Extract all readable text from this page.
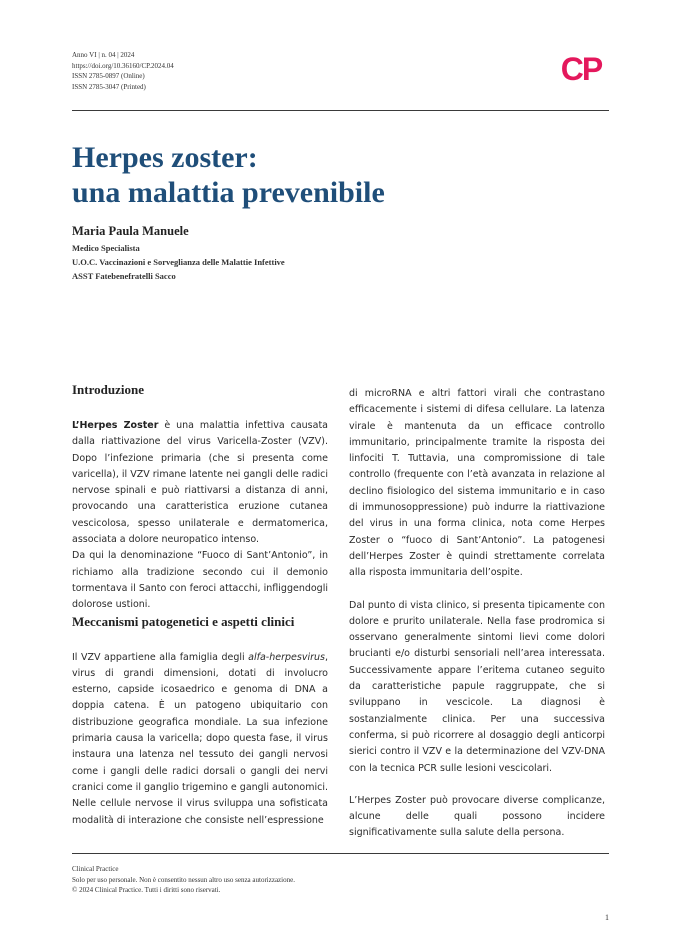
Anno VI | n. 04 | 2024
https://doi.org/10.36160/CP.2024.04
ISSN 2785-0897 (Online)
ISSN 2785-3047 (Printed)	CP
Herpes zoster:
una malattia prevenibile
Maria Paula Manuele
Medico Specialista
U.O.C. Vaccinazioni e Sorveglianza delle Malattie Infettive
ASST Fatebenefratelli Sacco
Introduzione

L’Herpes Zoster è una malattia infettiva causata dalla riattivazione del virus Varicella-Zoster (VZV). Dopo l’infezione primaria (che si presenta come varicella), il VZV rimane latente nei gangli delle radici nervose spinali e può riattivarsi a distanza di anni, provocando una caratteristica eruzione cutanea vescicolosa, spesso unilaterale e dermatomerica, associata a dolore neuropatico intenso.

Da qui la denominazione “Fuoco di Sant’Antonio”, in richiamo alla tradizione secondo cui il demonio tormentava il Santo con feroci attacchi, infliggendogli dolorose ustioni.

Meccanismi patogenetici e aspetti clinici

Il VZV appartiene alla famiglia degli alfa-herpesvirus, virus di grandi dimensioni, dotati di involucro esterno, capside icosaedrico e genoma di DNA a doppia catena. È un patogeno ubiquitario con distribuzione geografica mondiale. La sua infezione primaria causa la varicella; dopo questa fase, il virus instaura una latenza nel tessuto dei gangli nervosi come i gangli delle radici dorsali o gangli dei nervi cranici come il ganglio trigemino e gangli autonomici. Nelle cellule nervose il virus sviluppa una sofisticata modalità di interazione che consiste nell’espressione

di microRNA e altri fattori virali che contrastano efficacemente i sistemi di difesa cellulare. La latenza virale è mantenuta da un efficace controllo immunitario, principalmente tramite la risposta dei linfociti T. Tuttavia, una compromissione di tale controllo (frequente con l’età avanzata in relazione al declino fisiologico del sistema immunitario e in caso di immunosoppressione) può indurre la riattivazione del virus in una forma clinica, nota come Herpes Zoster o “fuoco di Sant’Antonio”. La patogenesi dell’Herpes Zoster è quindi strettamente correlata alla risposta immunitaria dell’ospite.

Dal punto di vista clinico, si presenta tipicamente con dolore e prurito unilaterale. Nella fase prodromica si osservano generalmente sintomi lievi come dolori brucianti e/o disturbi sensoriali nell’area interessata. Successivamente appare l’eritema cutaneo seguito da caratteristiche papule raggruppate, che si sviluppano in vescicole. La diagnosi è sostanzialmente clinica. Per una successiva conferma, si può ricorrere al dosaggio degli anticorpi sierici contro il VZV e la determinazione del VZV-DNA con la tecnica PCR sulle lesioni vescicolari.

L’Herpes Zoster può provocare diverse complicanze, alcune delle quali possono incidere significativamente sulla salute della persona.

Clinical Practice
Solo per uso personale. Non è consentito nessun altro uso senza autorizzazione.
© 2024 Clinical Practice. Tutti i diritti sono riservati.
1
